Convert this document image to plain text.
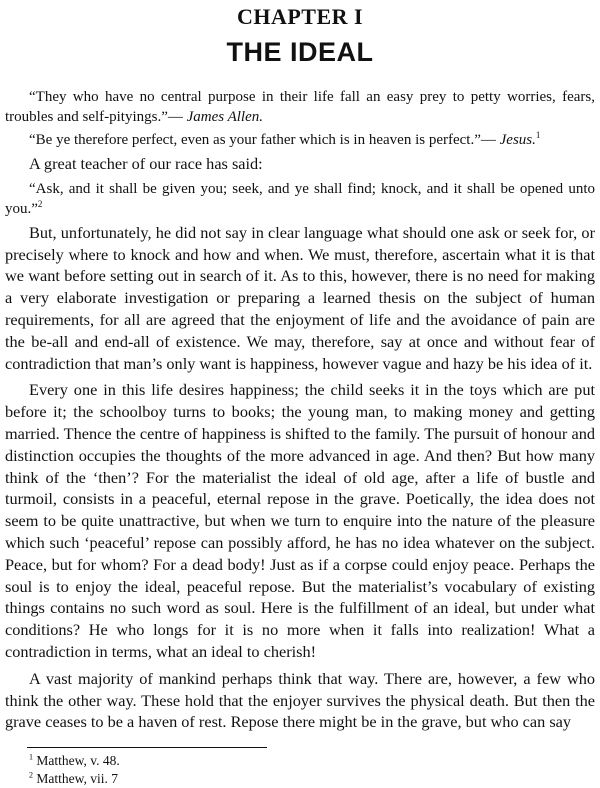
CHAPTER I
THE IDEAL

“They who have no central purpose in their life fall an easy prey to petty worries, fears, troubles and self-pityings.”— James Allen.

“Be ye therefore perfect, even as your father which is in heaven is perfect.”— Jesus.$^1$

A great teacher of our race has said:

“Ask, and it shall be given you; seek, and ye shall find; knock, and it shall be opened unto you.”$^2$

But, unfortunately, he did not say in clear language what should one ask or seek for, or precisely where to knock and how and when. We must, therefore, ascertain what it is that we want before setting out in search of it. As to this, however, there is no need for making a very elaborate investigation or preparing a learned thesis on the subject of human requirements, for all are agreed that the enjoyment of life and the avoidance of pain are the be-all and end-all of existence. We may, therefore, say at once and without fear of contradiction that man’s only want is happiness, however vague and hazy be his idea of it.

Every one in this life desires happiness; the child seeks it in the toys which are put before it; the schoolboy turns to books; the young man, to making money and getting married. Thence the centre of happiness is shifted to the family. The pursuit of honour and distinction occupies the thoughts of the more advanced in age. And then? But how many think of the ‘then’? For the materialist the ideal of old age, after a life of bustle and turmoil, consists in a peaceful, eternal repose in the grave. Poetically, the idea does not seem to be quite unattractive, but when we turn to enquire into the nature of the pleasure which such ‘peaceful’ repose can possibly afford, he has no idea whatever on the subject. Peace, but for whom? For a dead body! Just as if a corpse could enjoy peace. Perhaps the soul is to enjoy the ideal, peaceful repose. But the materialist’s vocabulary of existing things contains no such word as soul. Here is the fulfillment of an ideal, but under what conditions? He who longs for it is no more when it falls into realization! What a contradiction in terms, what an ideal to cherish!

A vast majority of mankind perhaps think that way. There are, however, a few who think the other way. These hold that the enjoyer survives the physical death. But then the grave ceases to be a haven of rest. Repose there might be in the grave, but who can say

$^1$ Matthew, v. 48.
$^2$ Matthew, vii. 7
